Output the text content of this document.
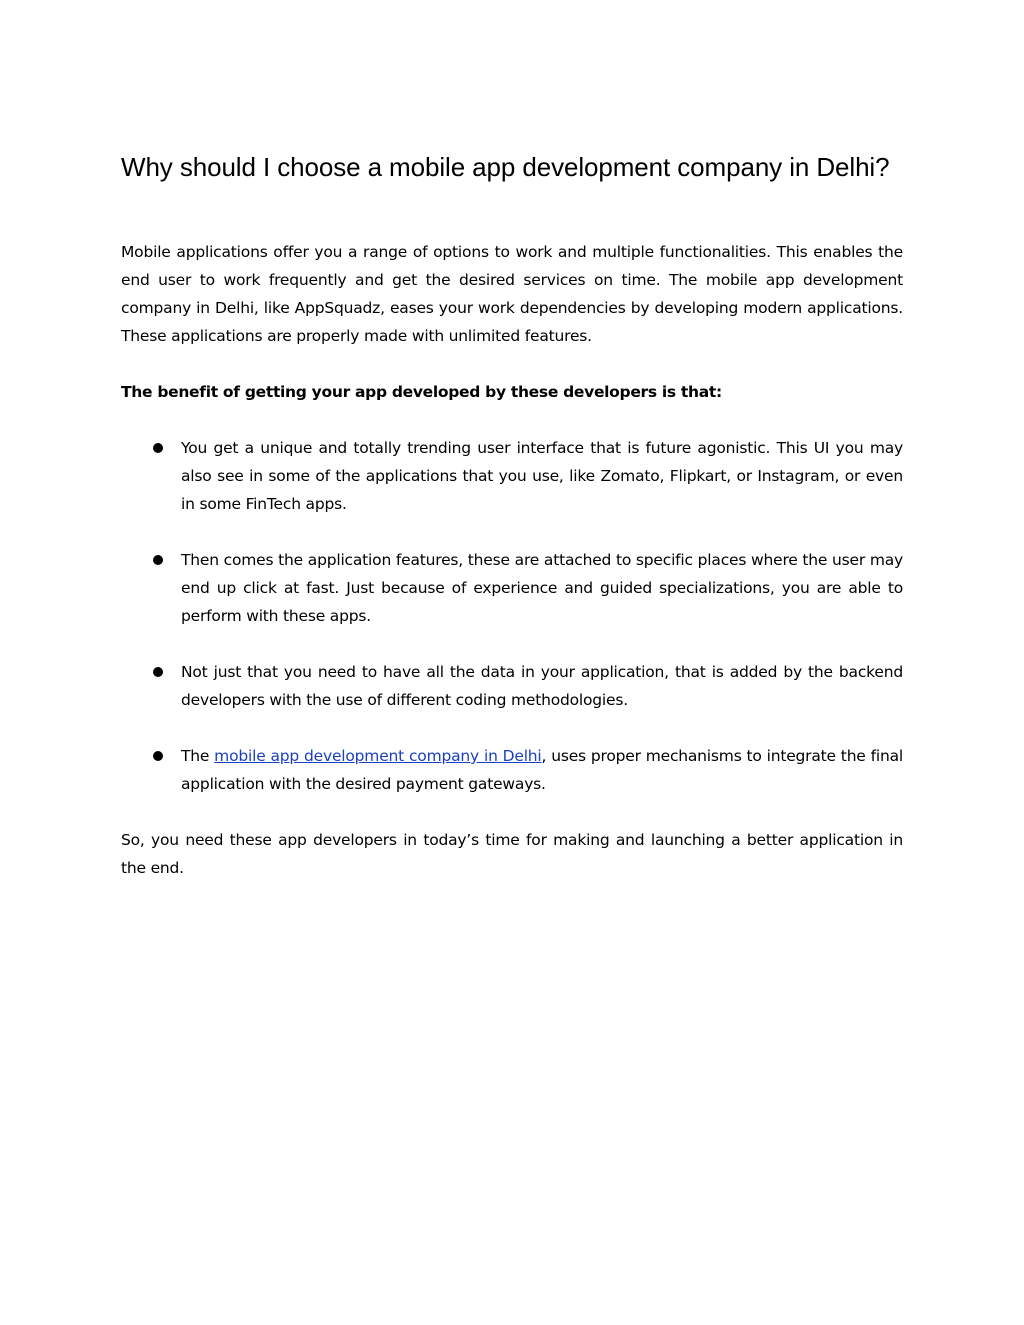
Why should I choose a mobile app development company in Delhi?

Mobile applications offer you a range of options to work and multiple functionalities. This enables the end user to work frequently and get the desired services on time. The mobile app development company in Delhi, like AppSquadz, eases your work dependencies by developing modern applications. These applications are properly made with unlimited features.

The benefit of getting your app developed by these developers is that:

You get a unique and totally trending user interface that is future agonistic. This UI you may also see in some of the applications that you use, like Zomato, Flipkart, or Instagram, or even in some FinTech apps.
Then comes the application features, these are attached to specific places where the user may end up click at fast. Just because of experience and guided specializations, you are able to perform with these apps.
Not just that you need to have all the data in your application, that is added by the backend developers with the use of different coding methodologies.
The mobile app development company in Delhi, uses proper mechanisms to integrate the final application with the desired payment gateways.

So, you need these app developers in today’s time for making and launching a better application in the end.
